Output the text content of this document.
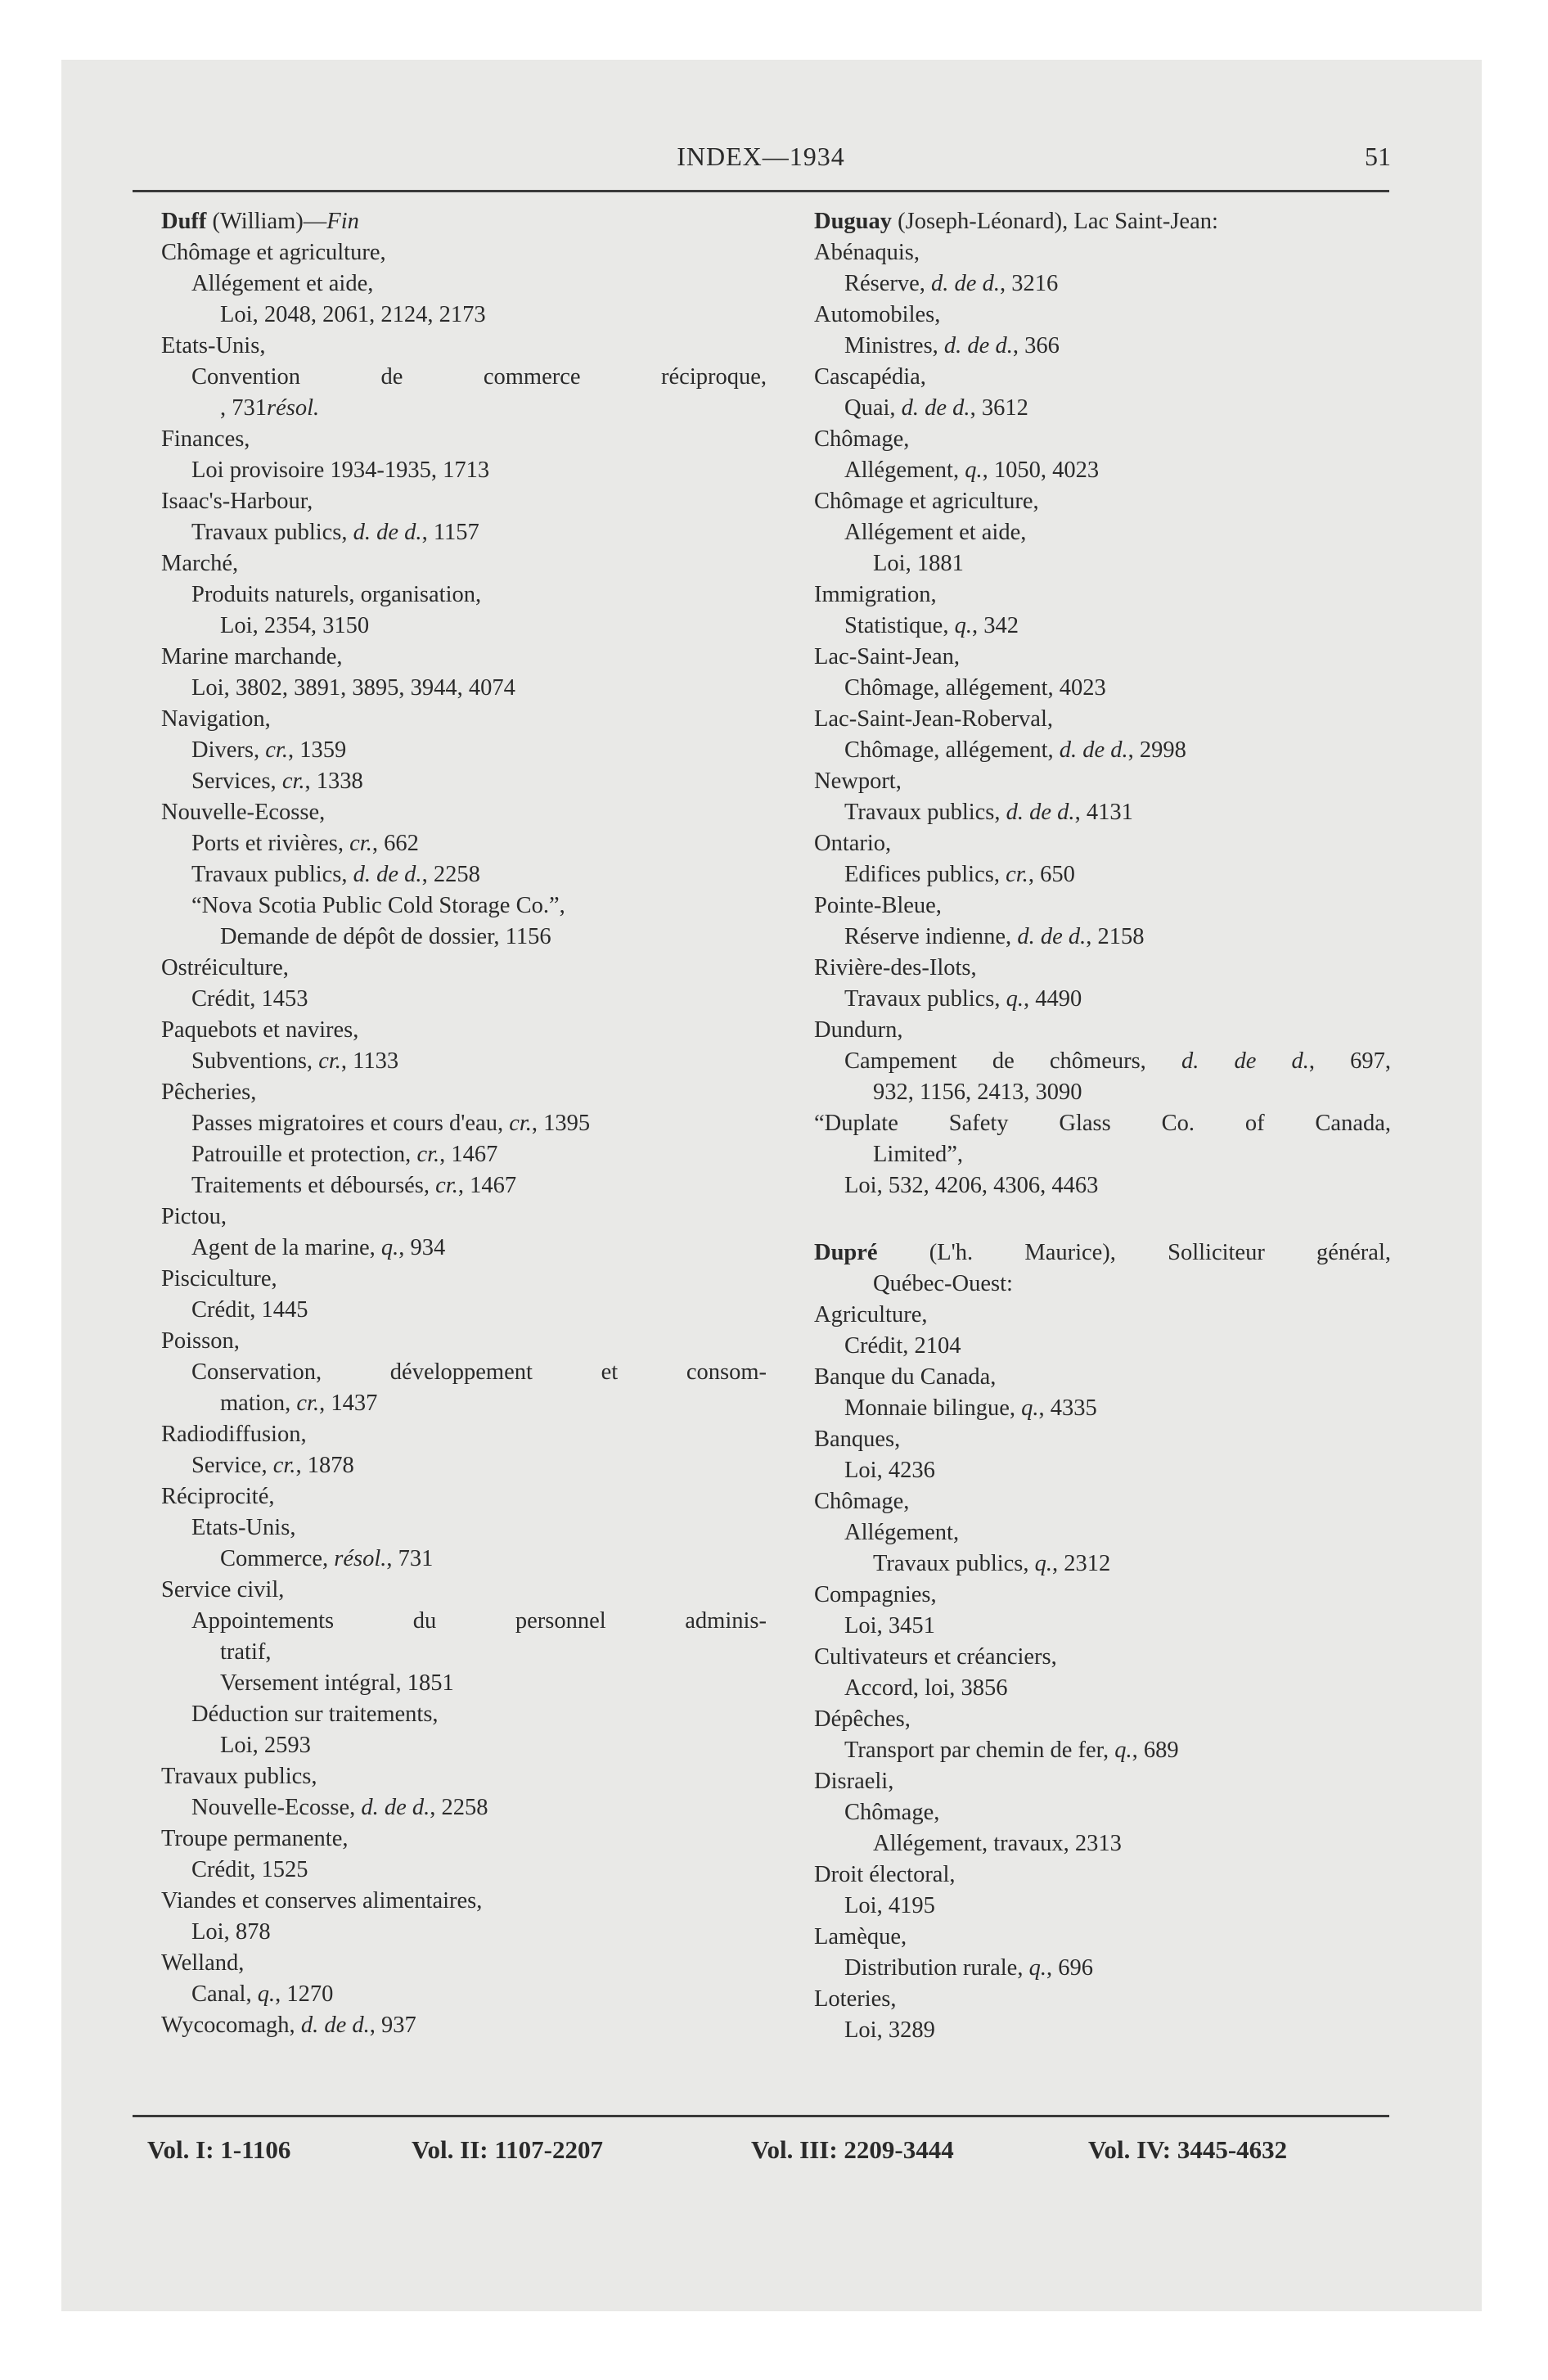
INDEX—1934	51
Duff (William)—Fin
Chômage et agriculture,
Allégement et aide,
Loi, 2048, 2061, 2124, 2173
Etats-Unis,
Convention de commerce réciproque,
, 731résol.
Finances,
Loi provisoire 1934-1935, 1713
Isaac's-Harbour,
Travaux publics, d. de d., 1157
Marché,
Produits naturels, organisation,
Loi, 2354, 3150
Marine marchande,
Loi, 3802, 3891, 3895, 3944, 4074
Navigation,
Divers, cr., 1359
Services, cr., 1338
Nouvelle-Ecosse,
Ports et rivières, cr., 662
Travaux publics, d. de d., 2258
“Nova Scotia Public Cold Storage Co.”,
Demande de dépôt de dossier, 1156
Ostréiculture,
Crédit, 1453
Paquebots et navires,
Subventions, cr., 1133
Pêcheries,
Passes migratoires et cours d'eau, cr., 1395
Patrouille et protection, cr., 1467
Traitements et déboursés, cr., 1467
Pictou,
Agent de la marine, q., 934
Pisciculture,
Crédit, 1445
Poisson,
Conservation, développement et consom-
mation, cr., 1437
Radiodiffusion,
Service, cr., 1878
Réciprocité,
Etats-Unis,
Commerce, résol., 731
Service civil,
Appointements du personnel adminis-
tratif,
Versement intégral, 1851
Déduction sur traitements,
Loi, 2593
Travaux publics,
Nouvelle-Ecosse, d. de d., 2258
Troupe permanente,
Crédit, 1525
Viandes et conserves alimentaires,
Loi, 878
Welland,
Canal, q., 1270
Wycocomagh, d. de d., 937
Duguay (Joseph-Léonard), Lac Saint-Jean:
Abénaquis,
Réserve, d. de d., 3216
Automobiles,
Ministres, d. de d., 366
Cascapédia,
Quai, d. de d., 3612
Chômage,
Allégement, q., 1050, 4023
Chômage et agriculture,
Allégement et aide,
Loi, 1881
Immigration,
Statistique, q., 342
Lac-Saint-Jean,
Chômage, allégement, 4023
Lac-Saint-Jean-Roberval,
Chômage, allégement, d. de d., 2998
Newport,
Travaux publics, d. de d., 4131
Ontario,
Edifices publics, cr., 650
Pointe-Bleue,
Réserve indienne, d. de d., 2158
Rivière-des-Ilots,
Travaux publics, q., 4490
Dundurn,
Campement de chômeurs, d. de d., 697,
932, 1156, 2413, 3090
“Duplate Safety Glass Co. of Canada,
Limited”,
Loi, 532, 4206, 4306, 4463
Dupré (L'h. Maurice), Solliciteur général,
Québec-Ouest:
Agriculture,
Crédit, 2104
Banque du Canada,
Monnaie bilingue, q., 4335
Banques,
Loi, 4236
Chômage,
Allégement,
Travaux publics, q., 2312
Compagnies,
Loi, 3451
Cultivateurs et créanciers,
Accord, loi, 3856
Dépêches,
Transport par chemin de fer, q., 689
Disraeli,
Chômage,
Allégement, travaux, 2313
Droit électoral,
Loi, 4195
Lamèque,
Distribution rurale, q., 696
Loteries,
Loi, 3289
Vol. I: 1-1106	Vol. II: 1107-2207	Vol. III: 2209-3444	Vol. IV: 3445-4632
